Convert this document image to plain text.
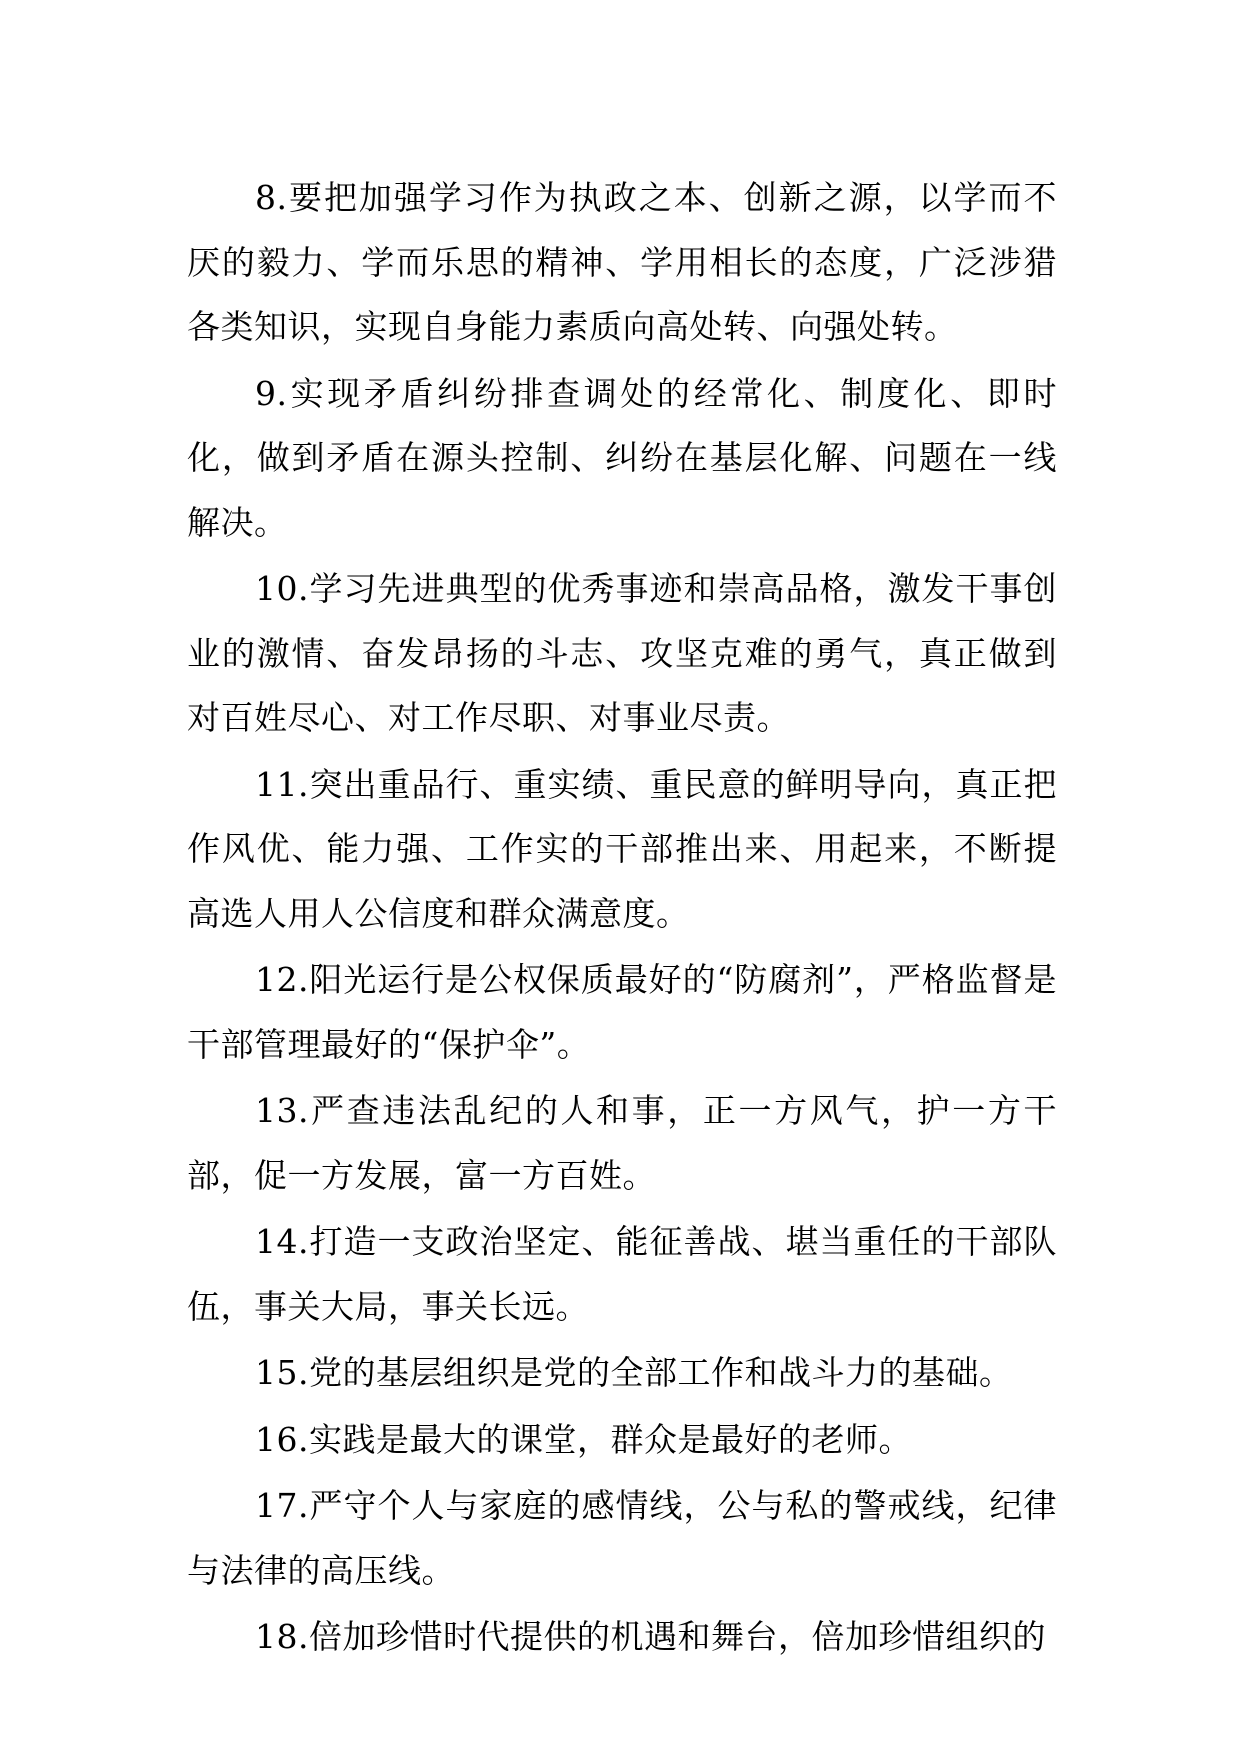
8.要把加强学习作为执政之本、创新之源，以学而不厌的毅力、学而乐思的精神、学用相长的态度，广泛涉猎各类知识，实现自身能力素质向高处转、向强处转。

9.实现矛盾纠纷排查调处的经常化、制度化、即时化，做到矛盾在源头控制、纠纷在基层化解、问题在一线解决。

10.学习先进典型的优秀事迹和崇高品格，激发干事创业的激情、奋发昂扬的斗志、攻坚克难的勇气，真正做到对百姓尽心、对工作尽职、对事业尽责。

11.突出重品行、重实绩、重民意的鲜明导向，真正把作风优、能力强、工作实的干部推出来、用起来，不断提高选人用人公信度和群众满意度。

12.阳光运行是公权保质最好的“防腐剂”，严格监督是干部管理最好的“保护伞”。

13.严查违法乱纪的人和事，正一方风气，护一方干部，促一方发展，富一方百姓。

14.打造一支政治坚定、能征善战、堪当重任的干部队伍，事关大局，事关长远。

15.党的基层组织是党的全部工作和战斗力的基础。

16.实践是最大的课堂，群众是最好的老师。

17.严守个人与家庭的感情线，公与私的警戒线，纪律与法律的高压线。

18.倍加珍惜时代提供的机遇和舞台，倍加珍惜组织的
